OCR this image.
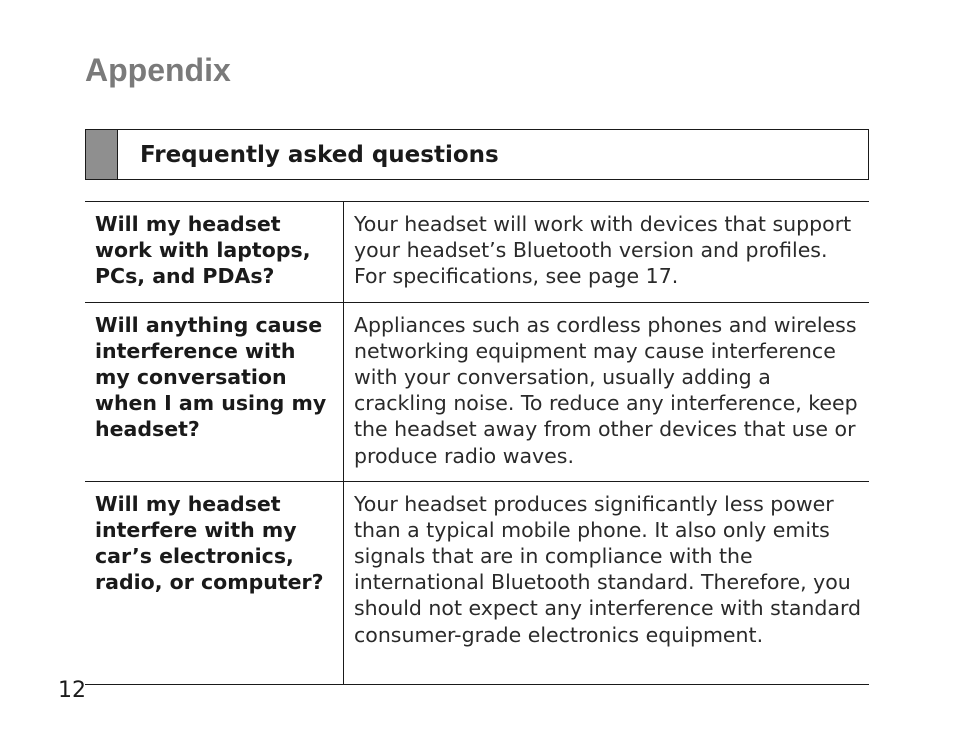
Appendix
Frequently asked questions
Will my headset work with laptops, PCs, and PDAs?	Your headset will work with devices that support your headset’s Bluetooth version and profiles. For specifications, see page 17.
Will anything cause interference with my conversation when I am using my headset?	Appliances such as cordless phones and wireless networking equipment may cause interference with your conversation, usually adding a crackling noise. To reduce any interference, keep the headset away from other devices that use or produce radio waves.
Will my headset interfere with my car’s electronics, radio, or computer?	Your headset produces significantly less power than a typical mobile phone. It also only emits signals that are in compliance with the international Bluetooth standard. Therefore, you should not expect any interference with standard consumer-grade electronics equipment.
12
